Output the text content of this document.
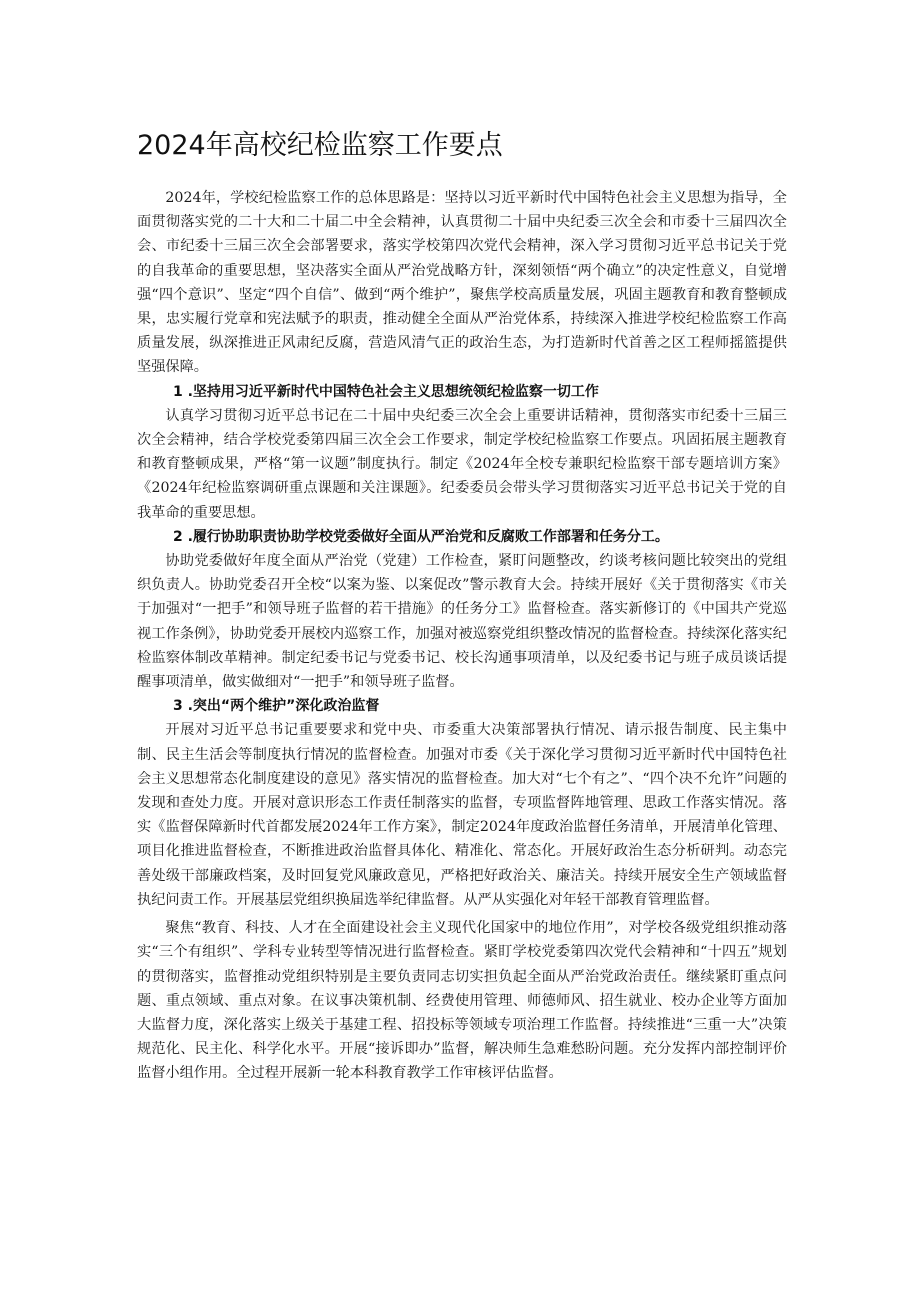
2024年高校纪检监察工作要点

2024年，学校纪检监察工作的总体思路是：坚持以习近平新时代中国特色社会主义思想为指导，全面贯彻落实党的二十大和二十届二中全会精神，认真贯彻二十届中央纪委三次全会和市委十三届四次全会、市纪委十三届三次全会部署要求，落实学校第四次党代会精神，深入学习贯彻习近平总书记关于党的自我革命的重要思想，坚决落实全面从严治党战略方针，深刻领悟“两个确立”的决定性意义，自觉增强“四个意识”、坚定“四个自信”、做到“两个维护”，聚焦学校高质量发展，巩固主题教育和教育整顿成果，忠实履行党章和宪法赋予的职责，推动健全全面从严治党体系，持续深入推进学校纪检监察工作高质量发展，纵深推进正风肃纪反腐，营造风清气正的政治生态，为打造新时代首善之区工程师摇篮提供坚强保障。

1 .坚持用习近平新时代中国特色社会主义思想统领纪检监察一切工作

认真学习贯彻习近平总书记在二十届中央纪委三次全会上重要讲话精神，贯彻落实市纪委十三届三次全会精神，结合学校党委第四届三次全会工作要求，制定学校纪检监察工作要点。巩固拓展主题教育和教育整顿成果，严格“第一议题”制度执行。制定《2024年全校专兼职纪检监察干部专题培训方案》《2024年纪检监察调研重点课题和关注课题》。纪委委员会带头学习贯彻落实习近平总书记关于党的自我革命的重要思想。

2 .履行协助职责协助学校党委做好全面从严治党和反腐败工作部署和任务分工。

协助党委做好年度全面从严治党（党建）工作检查，紧盯问题整改，约谈考核问题比较突出的党组织负责人。协助党委召开全校“以案为鉴、以案促改”警示教育大会。持续开展好《关于贯彻落实《市关于加强对“一把手”和领导班子监督的若干措施》的任务分工》监督检查。落实新修订的《中国共产党巡视工作条例》，协助党委开展校内巡察工作，加强对被巡察党组织整改情况的监督检查。持续深化落实纪检监察体制改革精神。制定纪委书记与党委书记、校长沟通事项清单，以及纪委书记与班子成员谈话提醒事项清单，做实做细对“一把手”和领导班子监督。

3 .突出“两个维护”深化政治监督

开展对习近平总书记重要要求和党中央、市委重大决策部署执行情况、请示报告制度、民主集中制、民主生活会等制度执行情况的监督检查。加强对市委《关于深化学习贯彻习近平新时代中国特色社会主义思想常态化制度建设的意见》落实情况的监督检查。加大对“七个有之”、“四个决不允许”问题的发现和查处力度。开展对意识形态工作责任制落实的监督，专项监督阵地管理、思政工作落实情况。落实《监督保障新时代首都发展2024年工作方案》，制定2024年度政治监督任务清单，开展清单化管理、项目化推进监督检查，不断推进政治监督具体化、精准化、常态化。开展好政治生态分析研判。动态完善处级干部廉政档案，及时回复党风廉政意见，严格把好政治关、廉洁关。持续开展安全生产领域监督执纪问责工作。开展基层党组织换届选举纪律监督。从严从实强化对年轻干部教育管理监督。

聚焦“教育、科技、人才在全面建设社会主义现代化国家中的地位作用”，对学校各级党组织推动落实“三个有组织”、学科专业转型等情况进行监督检查。紧盯学校党委第四次党代会精神和“十四五”规划的贯彻落实，监督推动党组织特别是主要负责同志切实担负起全面从严治党政治责任。继续紧盯重点问题、重点领域、重点对象。在议事决策机制、经费使用管理、师德师风、招生就业、校办企业等方面加大监督力度，深化落实上级关于基建工程、招投标等领域专项治理工作监督。持续推进“三重一大”决策规范化、民主化、科学化水平。开展“接诉即办”监督，解决师生急难愁盼问题。充分发挥内部控制评价监督小组作用。全过程开展新一轮本科教育教学工作审核评估监督。
